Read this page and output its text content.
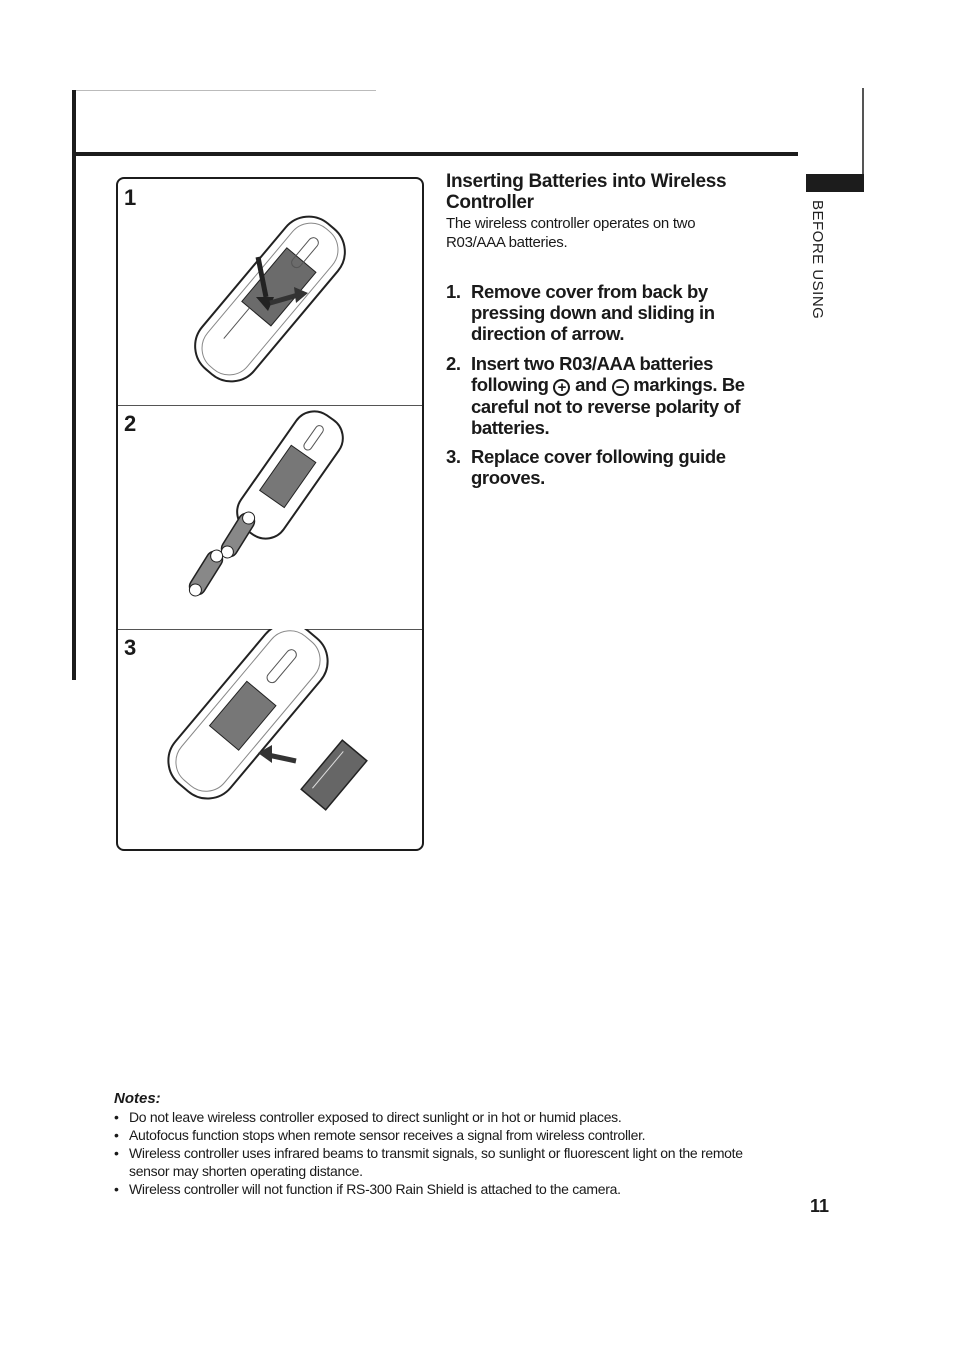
BEFORE USING
1
2
3
Inserting Batteries into Wireless Controller

The wireless controller operates on two R03/AAA batteries.

1. Remove cover from back by pressing down and sliding in direction of arrow.
2. Insert two R03/AAA batteries following + and − markings. Be careful not to reverse polarity of batteries.
3. Replace cover following guide grooves.
Notes:
• Do not leave wireless controller exposed to direct sunlight or in hot or humid places.
• Autofocus function stops when remote sensor receives a signal from wireless controller.
• Wireless controller uses infrared beams to transmit signals, so sunlight or fluorescent light on the remote sensor may shorten operating distance.
• Wireless controller will not function if RS-300 Rain Shield is attached to the camera.
11
